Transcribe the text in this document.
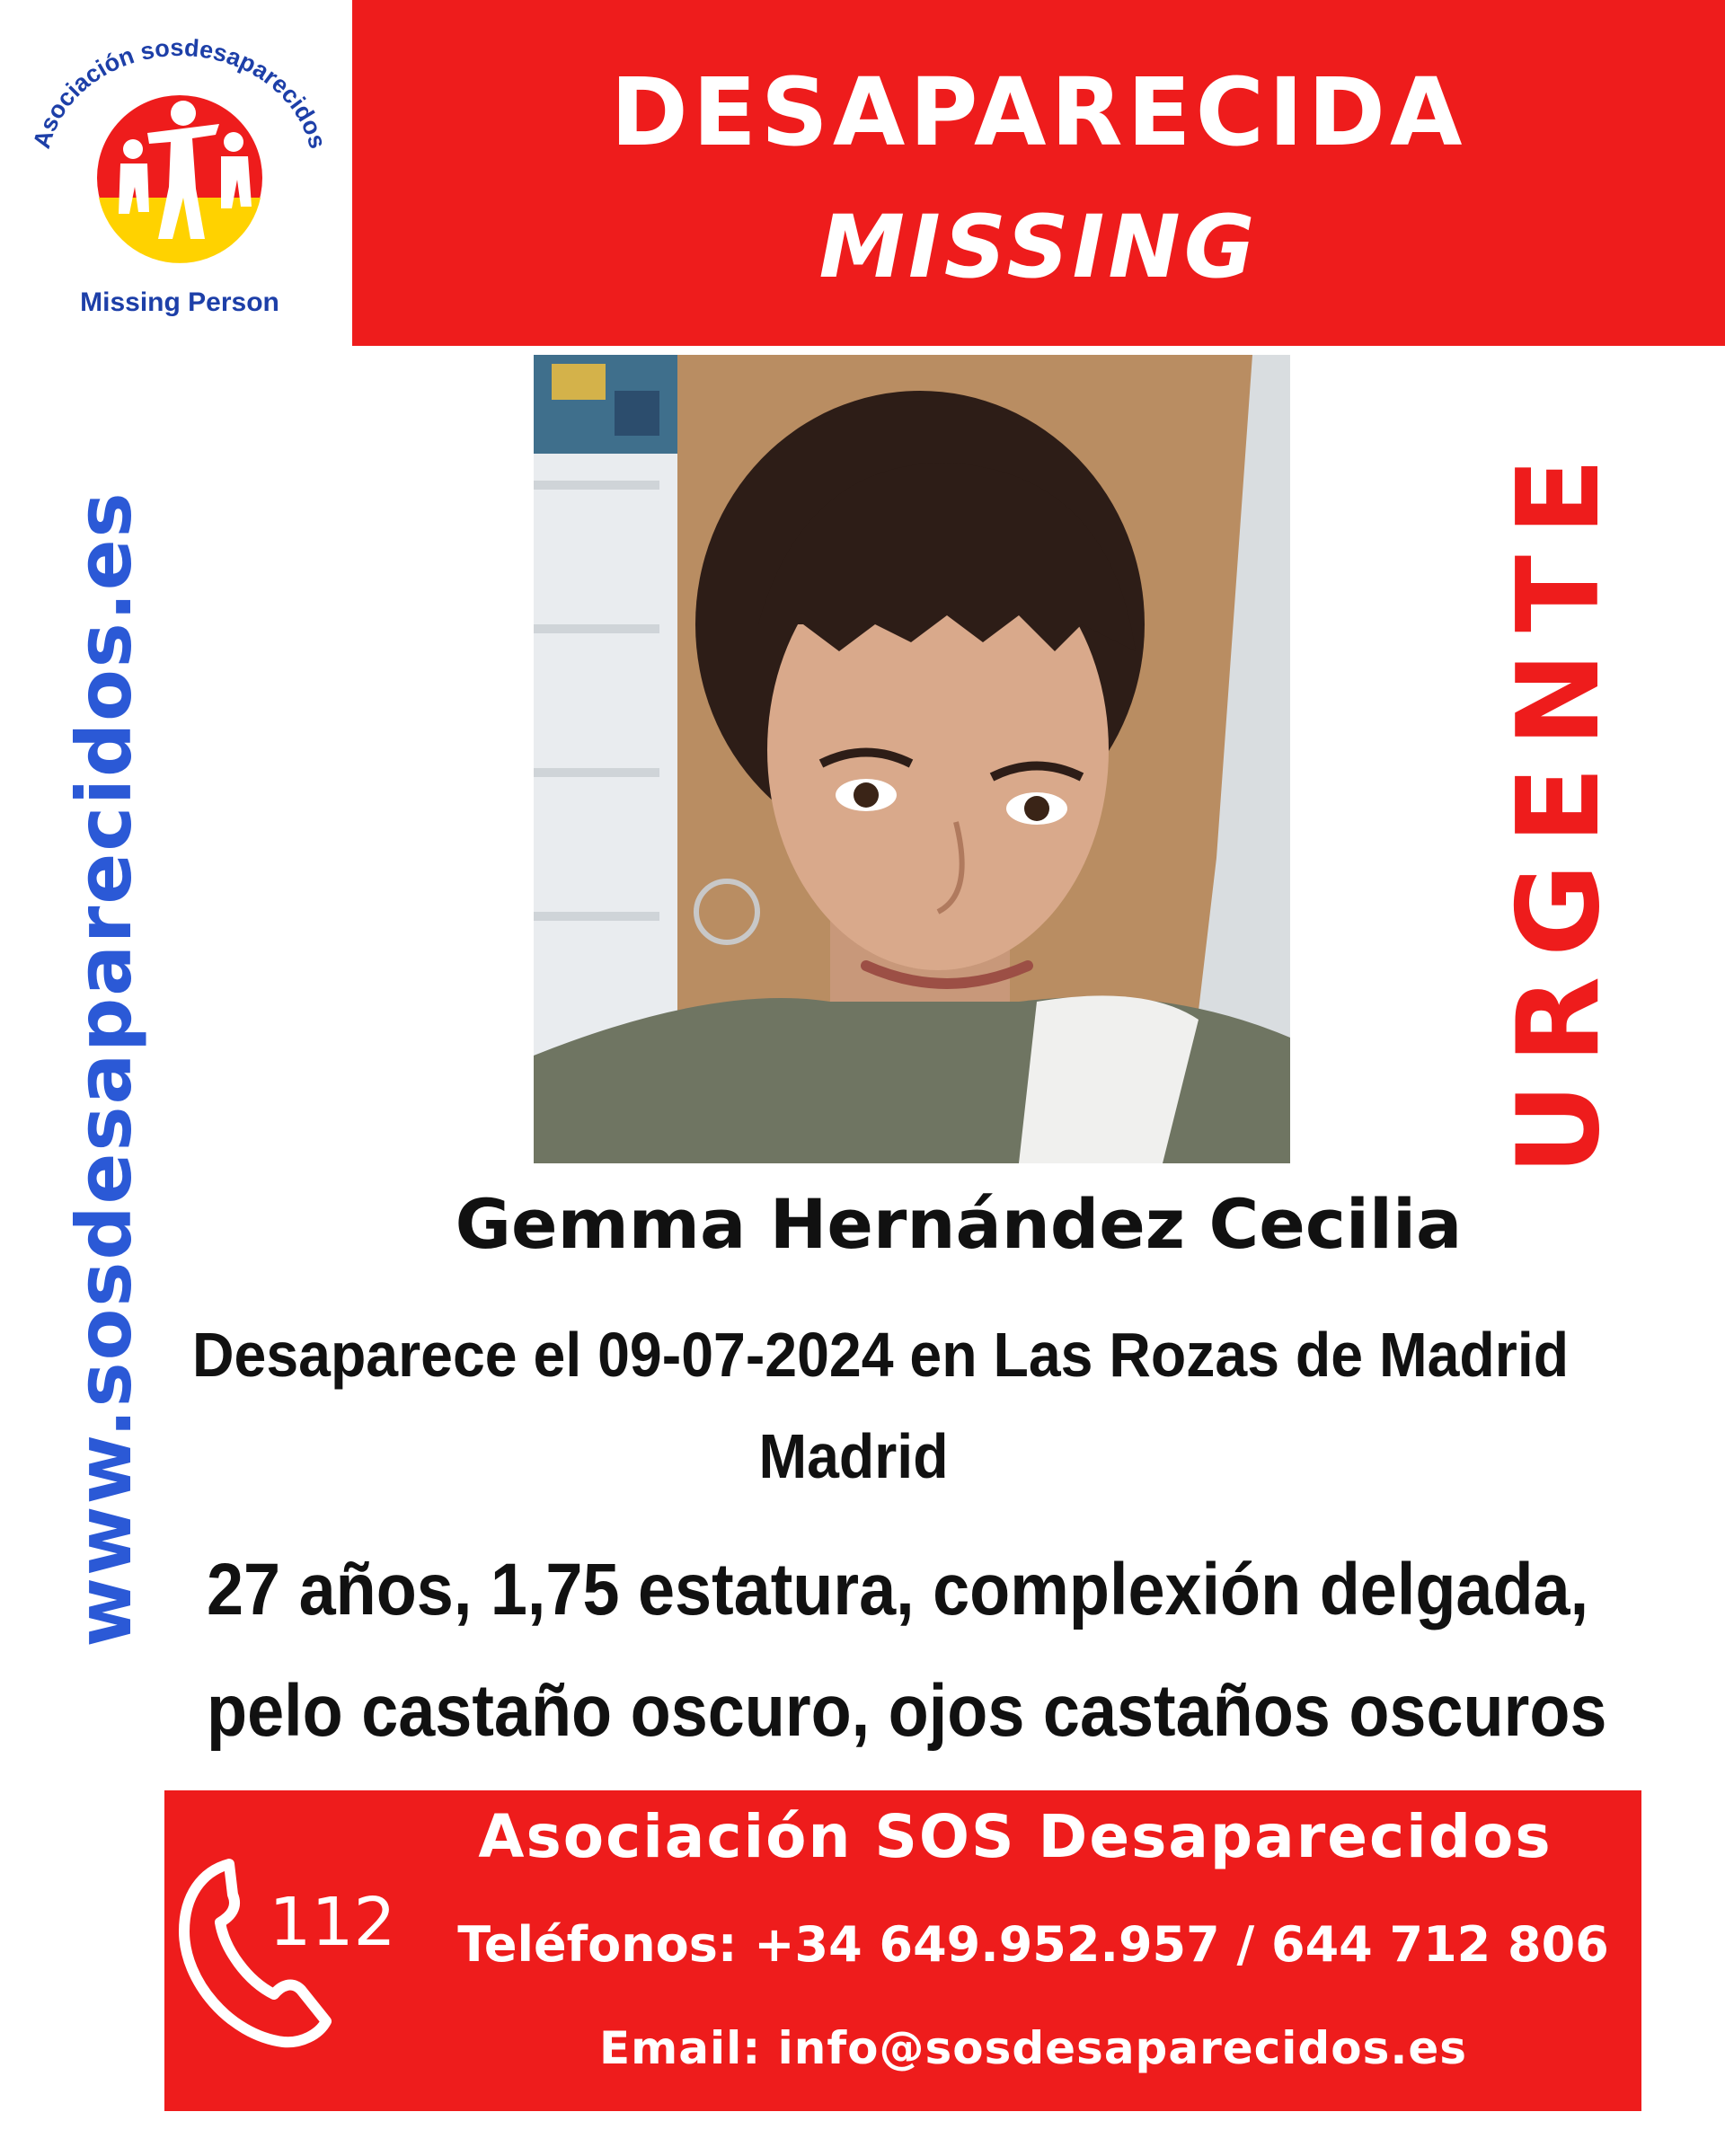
Asociación sosdesaparecidos
Missing Person
DESAPARECIDA
MISSING
www.sosdesaparecidos.es	URGENTE
Gemma Hernández Cecilia
Desaparece el 09-07-2024 en Las Rozas de Madrid
Madrid
27 años, 1,75 estatura, complexión delgada,
pelo castaño oscuro, ojos castaños oscuros
112
Asociación SOS Desaparecidos
Teléfonos: +34 649.952.957 / 644 712 806
Email: info@sosdesaparecidos.es
